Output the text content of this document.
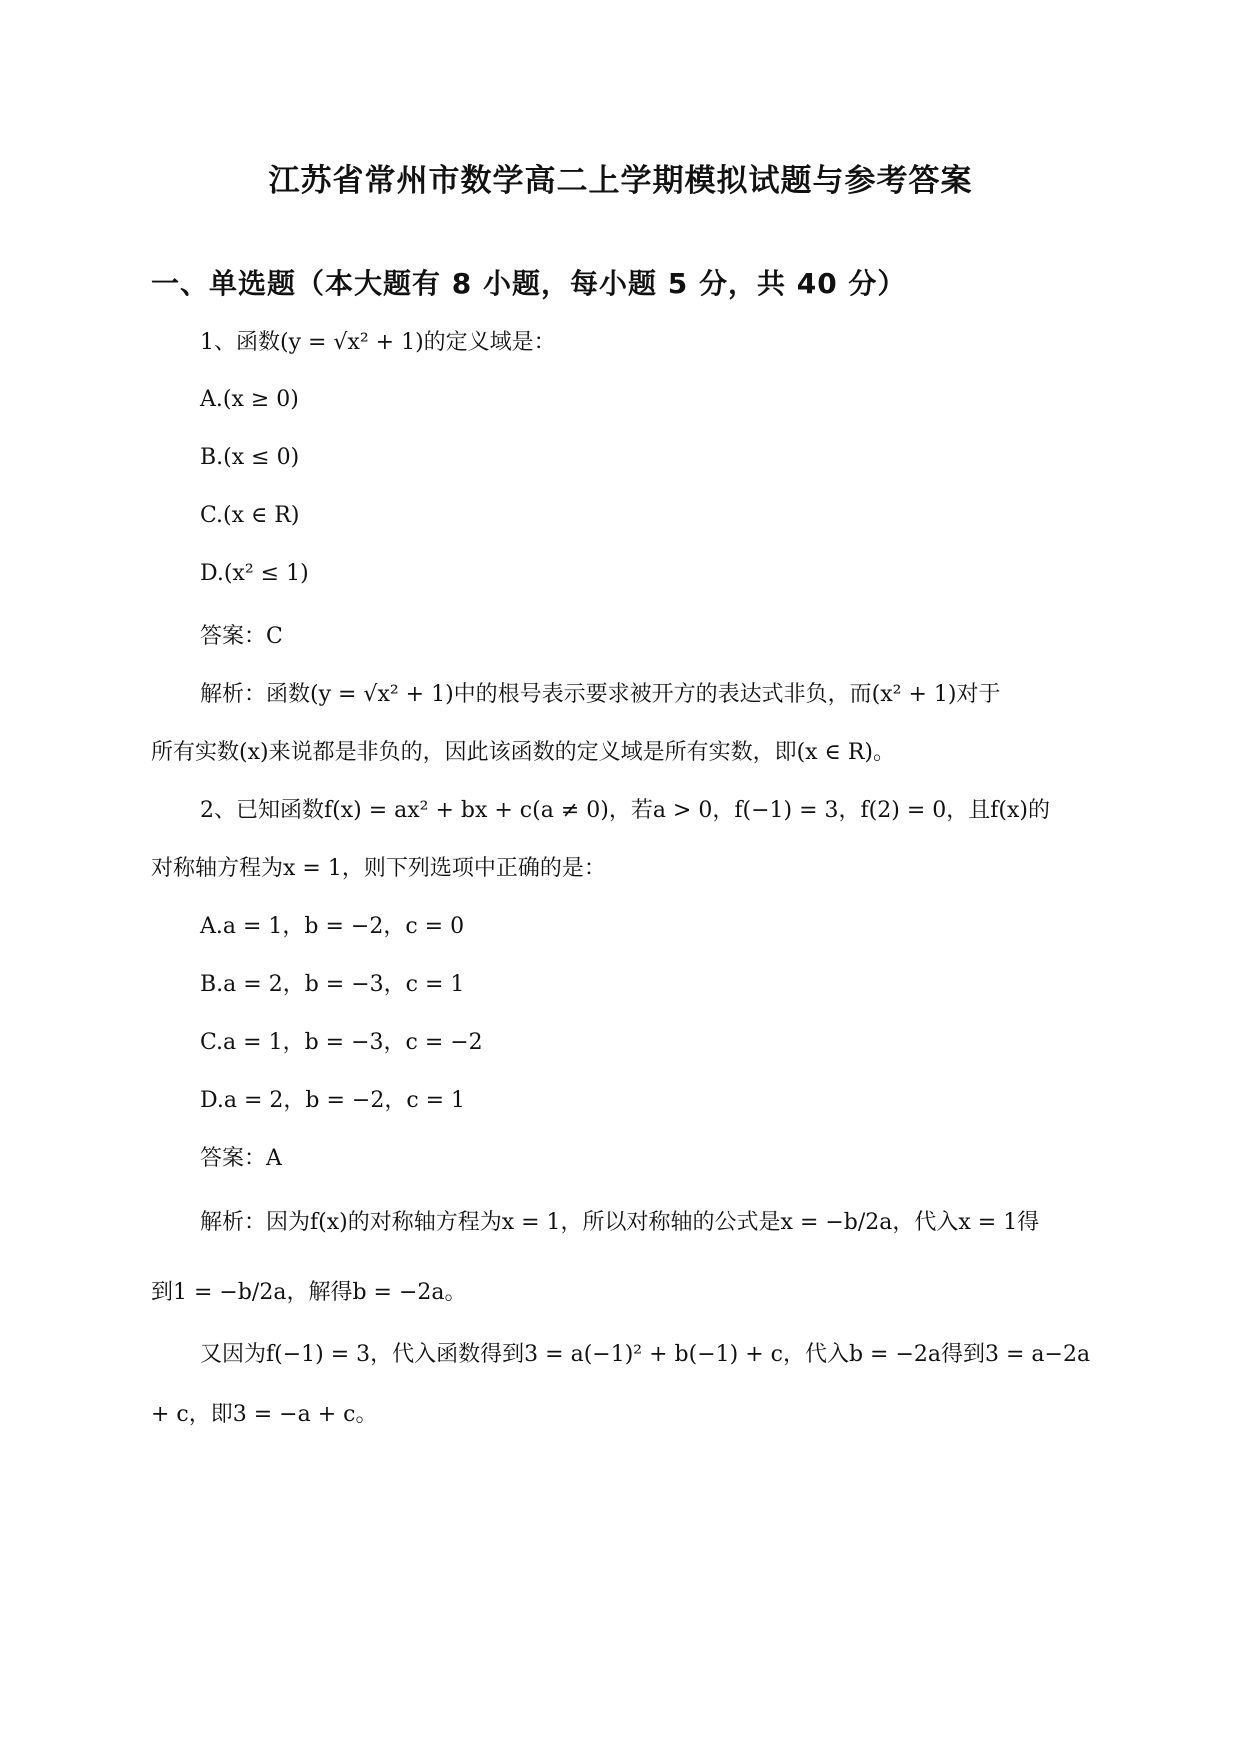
江苏省常州市数学高二上学期模拟试题与参考答案
一、单选题（本大题有 8 小题，每小题 5 分，共 40 分）
1、函数(y = √x² + 1)的定义域是：
A.(x ≥ 0)
B.(x ≤ 0)
C.(x ∈ R)
D.(x² ≤ 1)
答案：C
解析：函数(y = √x² + 1)中的根号表示要求被开方的表达式非负，而(x² + 1)对于
所有实数(x)来说都是非负的，因此该函数的定义域是所有实数，即(x ∈ R)。
2、已知函数f(x) = ax² + bx + c(a ≠ 0)，若a > 0，f(−1) = 3，f(2) = 0，且f(x)的
对称轴方程为x = 1，则下列选项中正确的是：
A.a = 1，b = −2，c = 0
B.a = 2，b = −3，c = 1
C.a = 1，b = −3，c = −2
D.a = 2，b = −2，c = 1
答案：A
解析：因为f(x)的对称轴方程为x = 1，所以对称轴的公式是x = −b/2a，代入x = 1得
到1 = −b/2a，解得b = −2a。
又因为f(−1) = 3，代入函数得到3 = a(−1)² + b(−1) + c，代入b = −2a得到3 = a−2a
+ c，即3 = −a + c。
